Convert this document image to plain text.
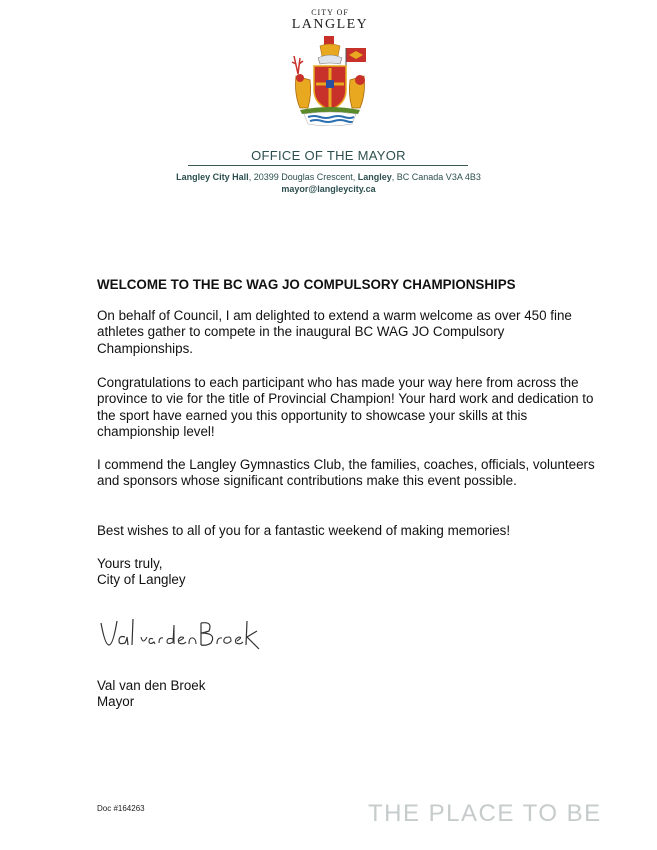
CITY OF
LANGLEY
OFFICE OF THE MAYOR
Langley City Hall, 20399 Douglas Crescent, Langley, BC Canada V3A 4B3
mayor@langleycity.ca
WELCOME TO THE BC WAG JO COMPULSORY CHAMPIONSHIPS
On behalf of Council, I am delighted to extend a warm welcome as over 450 fine athletes gather to compete in the inaugural BC WAG JO Compulsory Championships.
Congratulations to each participant who has made your way here from across the province to vie for the title of Provincial Champion! Your hard work and dedication to the sport have earned you this opportunity to showcase your skills at this championship level!
I commend the Langley Gymnastics Club, the families, coaches, officials, volunteers and sponsors whose significant contributions make this event possible.
Best wishes to all of you for a fantastic weekend of making memories!
Yours truly,
City of Langley
Val van den Broek
Mayor
Doc #164263	THE PLACE TO BE
